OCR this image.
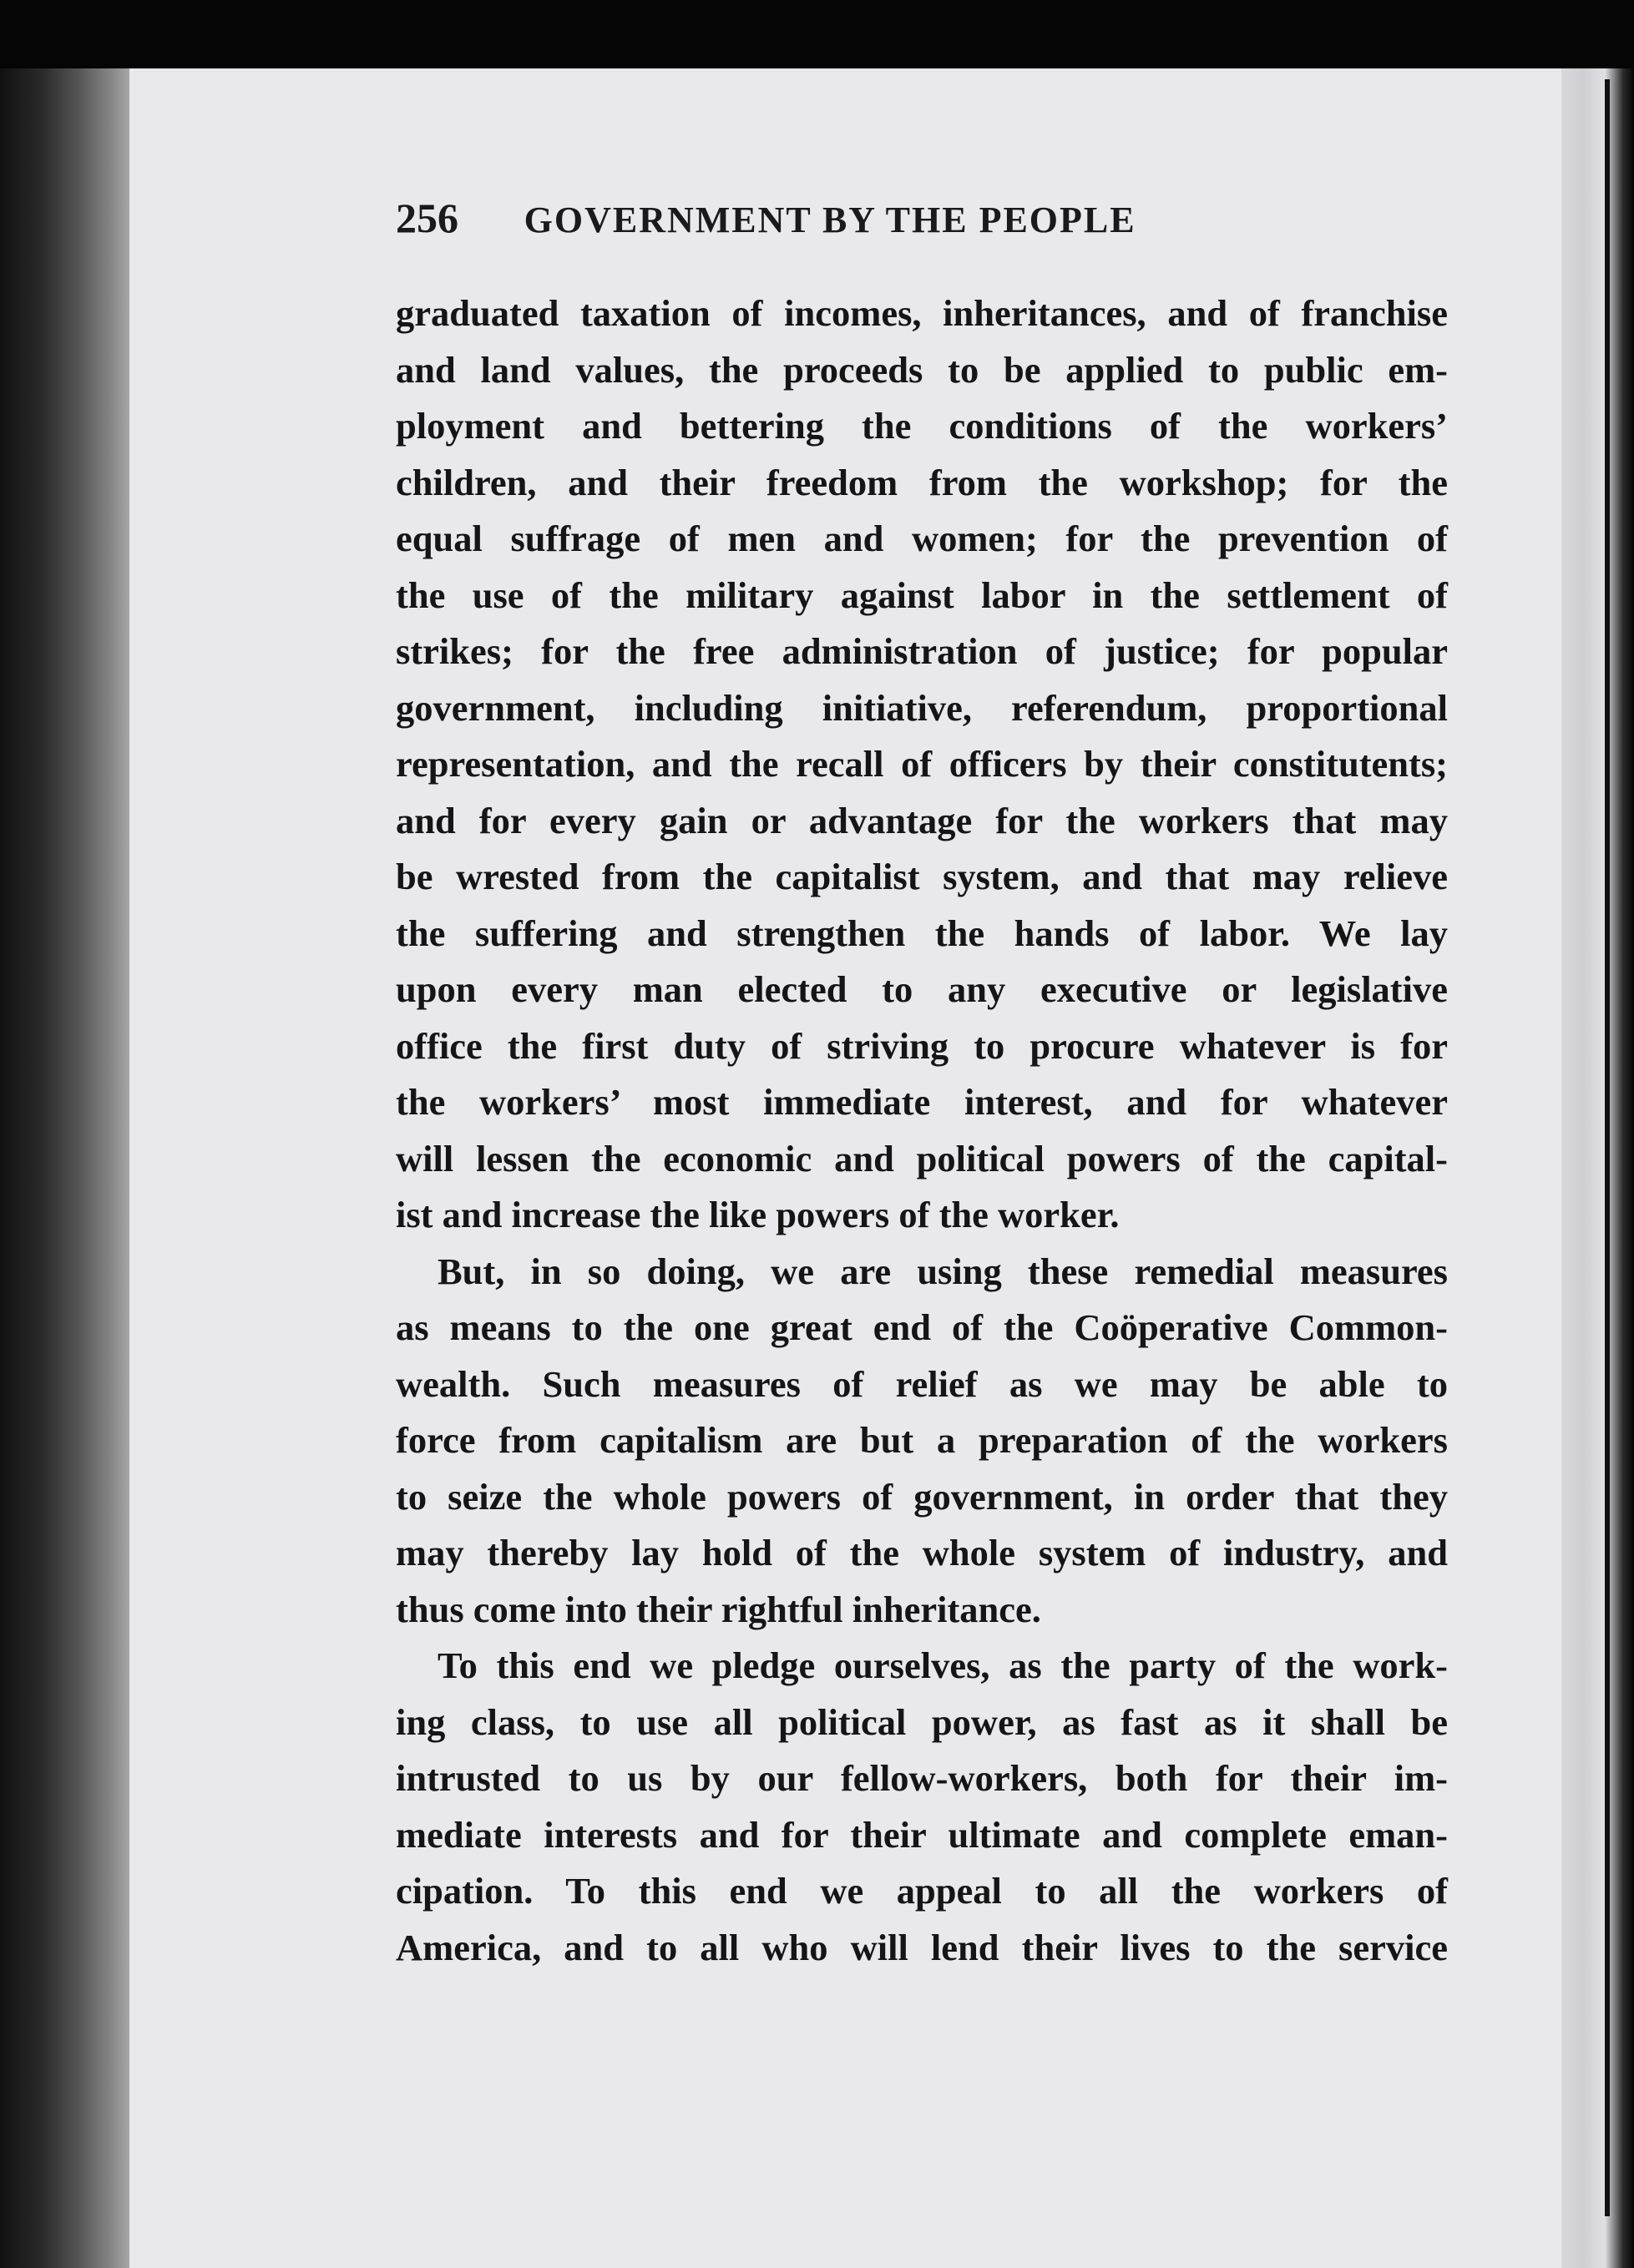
256 GOVERNMENT BY THE PEOPLE
graduated taxation of incomes, inheritances, and of franchise
and land values, the proceeds to be applied to public em-
ployment and bettering the conditions of the workers’
children, and their freedom from the workshop; for the
equal suffrage of men and women; for the prevention of
the use of the military against labor in the settlement of
strikes; for the free administration of justice; for popular
government, including initiative, referendum, proportional
representation, and the recall of officers by their constitutents;
and for every gain or advantage for the workers that may
be wrested from the capitalist system, and that may relieve
the suffering and strengthen the hands of labor. We lay
upon every man elected to any executive or legislative
office the first duty of striving to procure whatever is for
the workers’ most immediate interest, and for whatever
will lessen the economic and political powers of the capital-
ist and increase the like powers of the worker.
But, in so doing, we are using these remedial measures
as means to the one great end of the Coöperative Common-
wealth. Such measures of relief as we may be able to
force from capitalism are but a preparation of the workers
to seize the whole powers of government, in order that they
may thereby lay hold of the whole system of industry, and
thus come into their rightful inheritance.
To this end we pledge ourselves, as the party of the work-
ing class, to use all political power, as fast as it shall be
intrusted to us by our fellow-workers, both for their im-
mediate interests and for their ultimate and complete eman-
cipation. To this end we appeal to all the workers of
America, and to all who will lend their lives to the service
